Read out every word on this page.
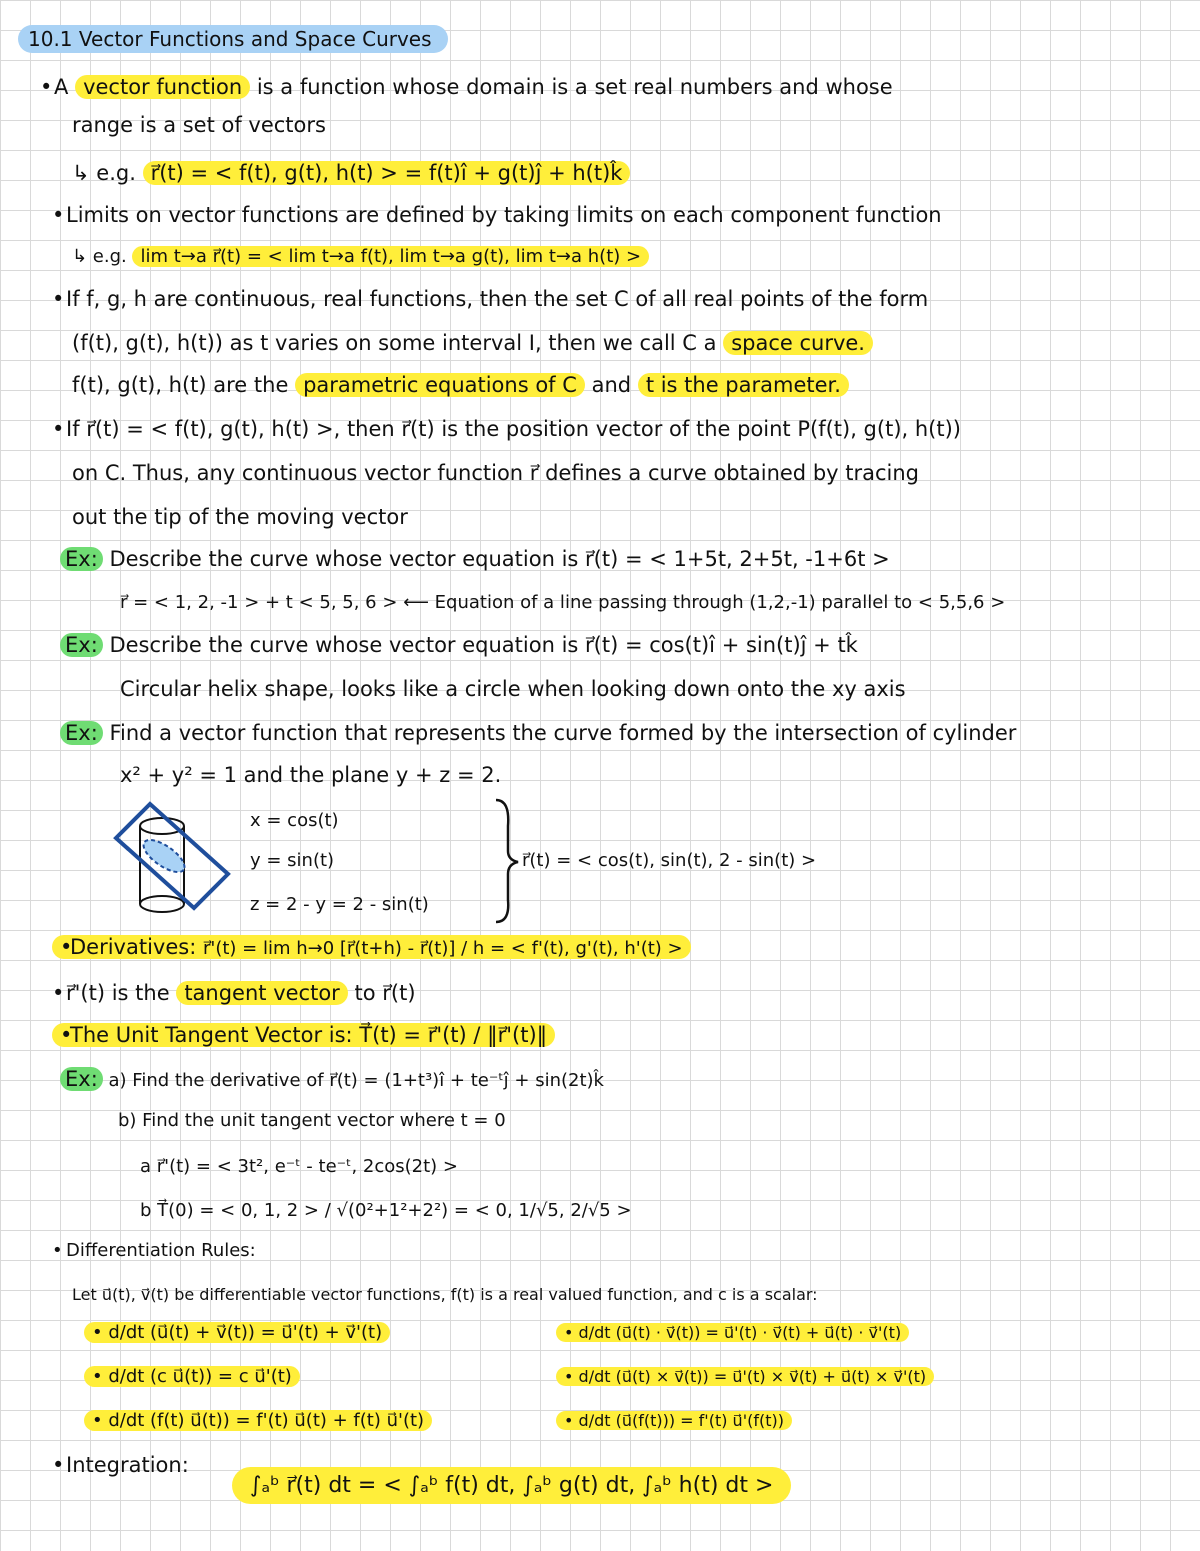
10.1 Vector Functions and Space Curves
•A vector function is a function whose domain is a set real numbers and whose
range is a set of vectors
↳ e.g. r⃗(t) = < f(t), g(t), h(t) > = f(t)î + g(t)ĵ + h(t)k̂
•Limits on vector functions are defined by taking limits on each component function
↳ e.g. lim t→a r⃗(t) = < lim t→a f(t), lim t→a g(t), lim t→a h(t) >
•If f, g, h are continuous, real functions, then the set C of all real points of the form
(f(t), g(t), h(t)) as t varies on some interval I, then we call C a space curve.
f(t), g(t), h(t) are the parametric equations of C and t is the parameter.
•If r⃗(t) = < f(t), g(t), h(t) >, then r⃗(t) is the position vector of the point P(f(t), g(t), h(t))
on C. Thus, any continuous vector function r⃗ defines a curve obtained by tracing
out the tip of the moving vector
Ex: Describe the curve whose vector equation is r⃗(t) = < 1+5t, 2+5t, -1+6t >
r⃗ = < 1, 2, -1 > + t < 5, 5, 6 > ⟵ Equation of a line passing through (1,2,-1) parallel to < 5,5,6 >
Ex: Describe the curve whose vector equation is r⃗(t) = cos(t)î + sin(t)ĵ + tk̂
Circular helix shape, looks like a circle when looking down onto the xy axis
Ex: Find a vector function that represents the curve formed by the intersection of cylinder
x² + y² = 1 and the plane y + z = 2.
x = cos(t)
y = sin(t)
z = 2 - y = 2 - sin(t)
r⃗(t) = < cos(t), sin(t), 2 - sin(t) >
•Derivatives: r⃗'(t) = lim h→0 [r⃗(t+h) - r⃗(t)] / h = < f'(t), g'(t), h'(t) >
•r⃗'(t) is the tangent vector to r⃗(t)
•The Unit Tangent Vector is: T⃗(t) = r⃗'(t) / ‖r⃗'(t)‖
Ex: a) Find the derivative of r⃗(t) = (1+t³)î + te⁻ᵗĵ + sin(2t)k̂
b) Find the unit tangent vector where t = 0
a r⃗'(t) = < 3t², e⁻ᵗ - te⁻ᵗ, 2cos(2t) >
b T⃗(0) = < 0, 1, 2 > / √(0²+1²+2²) = < 0, 1/√5, 2/√5 >
• Differentiation Rules:
Let u⃗(t), v⃗(t) be differentiable vector functions, f(t) is a real valued function, and c is a scalar:
• d/dt (u⃗(t) + v⃗(t)) = u⃗'(t) + v⃗'(t)
• d/dt (c u⃗(t)) = c u⃗'(t)
• d/dt (f(t) u⃗(t)) = f'(t) u⃗(t) + f(t) u⃗'(t)
• d/dt (u⃗(t) · v⃗(t)) = u⃗'(t) · v⃗(t) + u⃗(t) · v⃗'(t)
• d/dt (u⃗(t) × v⃗(t)) = u⃗'(t) × v⃗(t) + u⃗(t) × v⃗'(t)
• d/dt (u⃗(f(t))) = f'(t) u⃗'(f(t))
•Integration:
∫ₐᵇ r⃗(t) dt = < ∫ₐᵇ f(t) dt, ∫ₐᵇ g(t) dt, ∫ₐᵇ h(t) dt >
